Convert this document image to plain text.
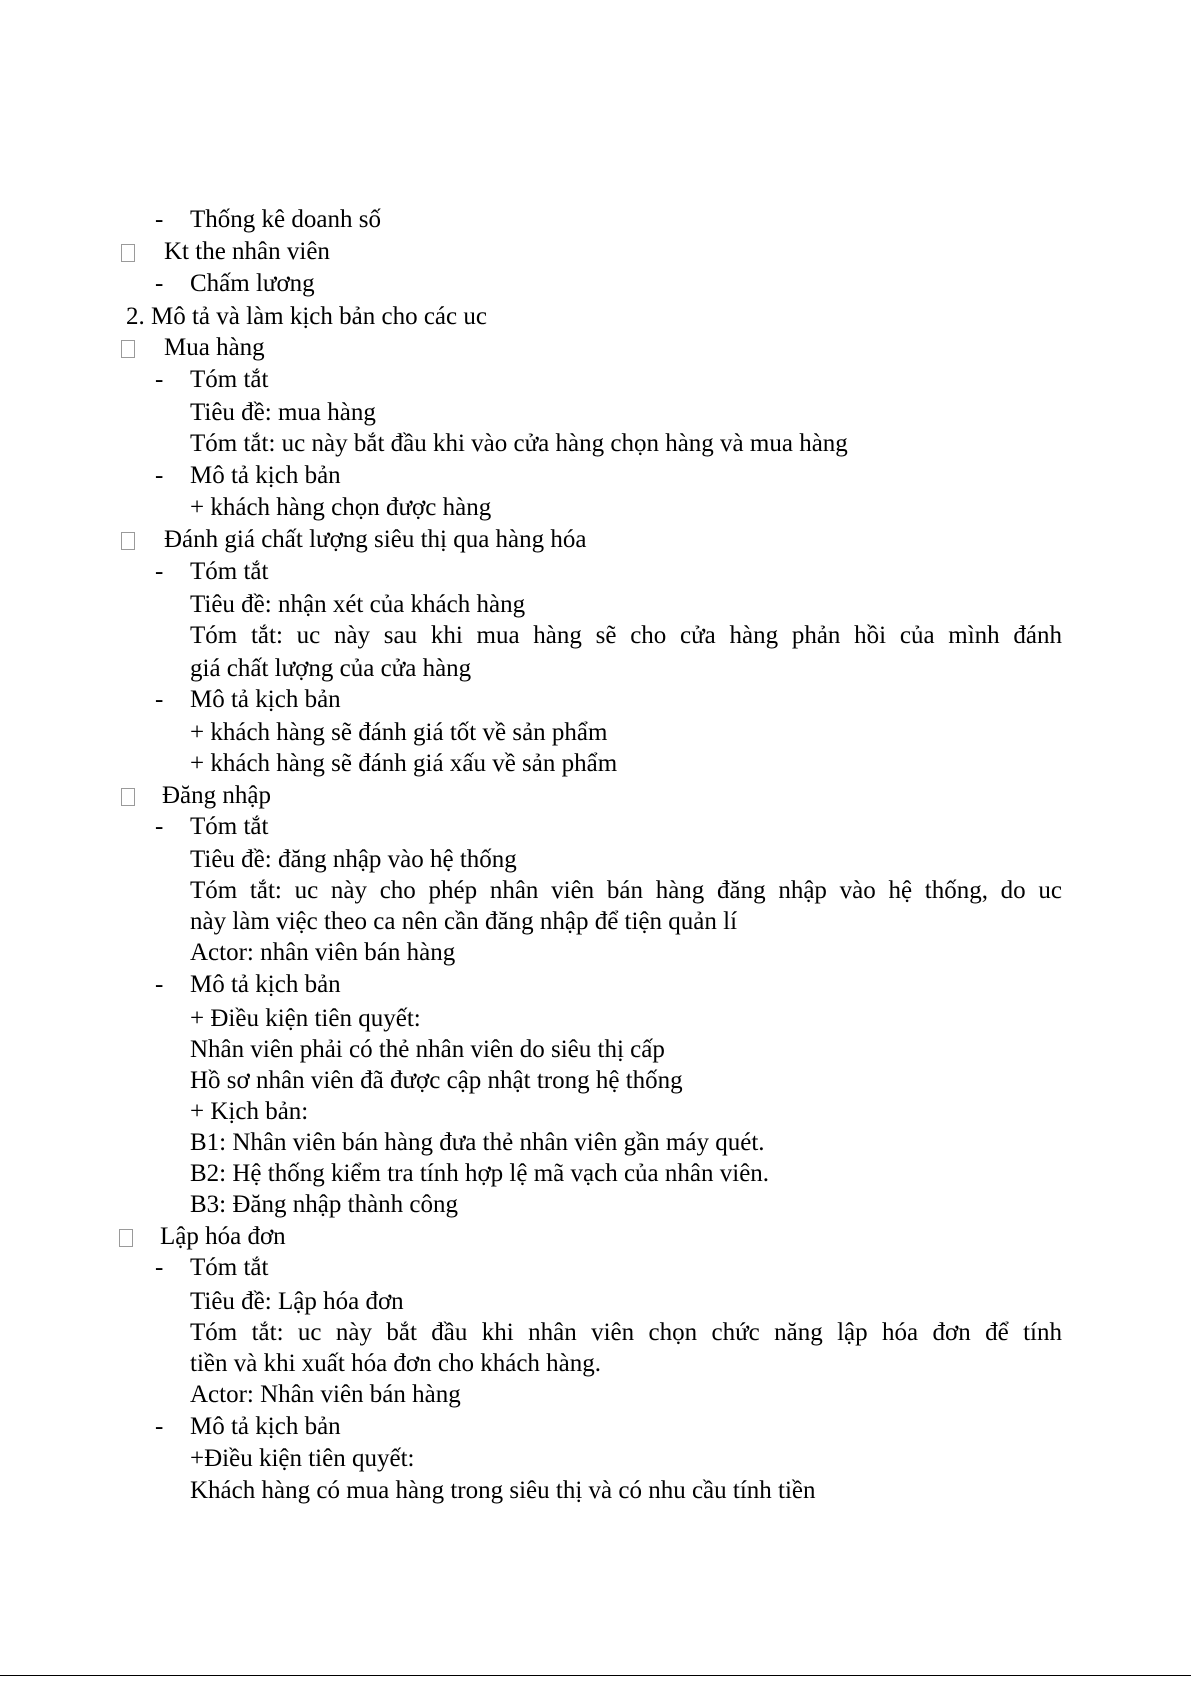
- Thống kê doanh số
Kt the nhân viên
- Chấm lương
2. Mô tả và làm kịch bản cho các uc
Mua hàng
- Tóm tắt
Tiêu đề: mua hàng
Tóm tắt: uc này bắt đầu khi vào cửa hàng chọn hàng và mua hàng
- Mô tả kịch bản
+ khách hàng chọn được hàng
Đánh giá chất lượng siêu thị qua hàng hóa
- Tóm tắt
Tiêu đề: nhận xét của khách hàng
Tóm tắt: uc này sau khi mua hàng sẽ cho cửa hàng phản hồi của mình đánh
giá chất lượng của cửa hàng
- Mô tả kịch bản
+ khách hàng sẽ đánh giá tốt về sản phẩm
+ khách hàng sẽ đánh giá xấu về sản phẩm
Đăng nhập
- Tóm tắt
Tiêu đề: đăng nhập vào hệ thống
Tóm tắt: uc này cho phép nhân viên bán hàng đăng nhập vào hệ thống, do uc
này làm việc theo ca nên cần đăng nhập để tiện quản lí
Actor: nhân viên bán hàng
- Mô tả kịch bản
+ Điều kiện tiên quyết:
Nhân viên phải có thẻ nhân viên do siêu thị cấp
Hồ sơ nhân viên đã được cập nhật trong hệ thống
+ Kịch bản:
B1: Nhân viên bán hàng đưa thẻ nhân viên gần máy quét.
B2: Hệ thống kiểm tra tính hợp lệ mã vạch của nhân viên.
B3: Đăng nhập thành công
Lập hóa đơn
- Tóm tắt
Tiêu đề: Lập hóa đơn
Tóm tắt: uc này bắt đầu khi nhân viên chọn chức năng lập hóa đơn để tính
tiền và khi xuất hóa đơn cho khách hàng.
Actor: Nhân viên bán hàng
- Mô tả kịch bản
+Điều kiện tiên quyết:
Khách hàng có mua hàng trong siêu thị và có nhu cầu tính tiền
